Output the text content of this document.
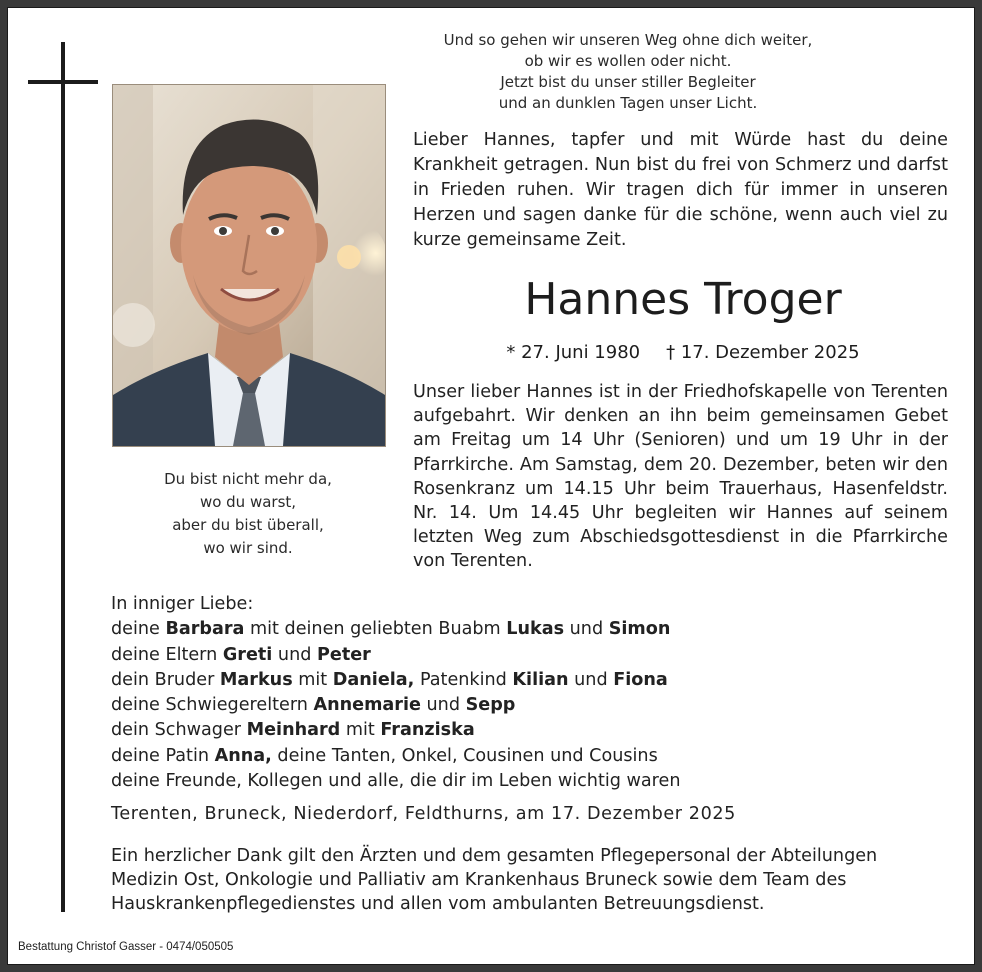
Und so gehen wir unseren Weg ohne dich weiter,
ob wir es wollen oder nicht.
Jetzt bist du unser stiller Begleiter
und an dunklen Tagen unser Licht.
Du bist nicht mehr da,
wo du warst,
aber du bist überall,
wo wir sind.
Lieber Hannes, tapfer und mit Würde hast du deine Krankheit getragen. Nun bist du frei von Schmerz und darfst in Frieden ruhen. Wir tragen dich für immer in unseren Herzen und sagen danke für die schöne, wenn auch viel zu kurze gemeinsame Zeit.
Hannes Troger
* 27. Juni 1980 † 17. Dezember 2025
Unser lieber Hannes ist in der Friedhofskapelle von Terenten aufgebahrt. Wir denken an ihn beim gemeinsamen Gebet am Freitag um 14 Uhr (Senioren) und um 19 Uhr in der Pfarrkirche. Am Samstag, dem 20. Dezember, beten wir den Rosenkranz um 14.15 Uhr beim Trauerhaus, Hasenfeldstr. Nr. 14. Um 14.45 Uhr begleiten wir Hannes auf seinem letzten Weg zum Abschiedsgottesdienst in die Pfarrkirche von Terenten.
In inniger Liebe:
deine Barbara mit deinen geliebten Buabm Lukas und Simon
deine Eltern Greti und Peter
dein Bruder Markus mit Daniela, Patenkind Kilian und Fiona
deine Schwiegereltern Annemarie und Sepp
dein Schwager Meinhard mit Franziska
deine Patin Anna, deine Tanten, Onkel, Cousinen und Cousins
deine Freunde, Kollegen und alle, die dir im Leben wichtig waren
Terenten, Bruneck, Niederdorf, Feldthurns, am 17. Dezember 2025
Ein herzlicher Dank gilt den Ärzten und dem gesamten Pflegepersonal der Abteilungen
Medizin Ost, Onkologie und Palliativ am Krankenhaus Bruneck sowie dem Team des
Hauskrankenpflegedienstes und allen vom ambulanten Betreuungsdienst.
Bestattung Christof Gasser - 0474/050505
